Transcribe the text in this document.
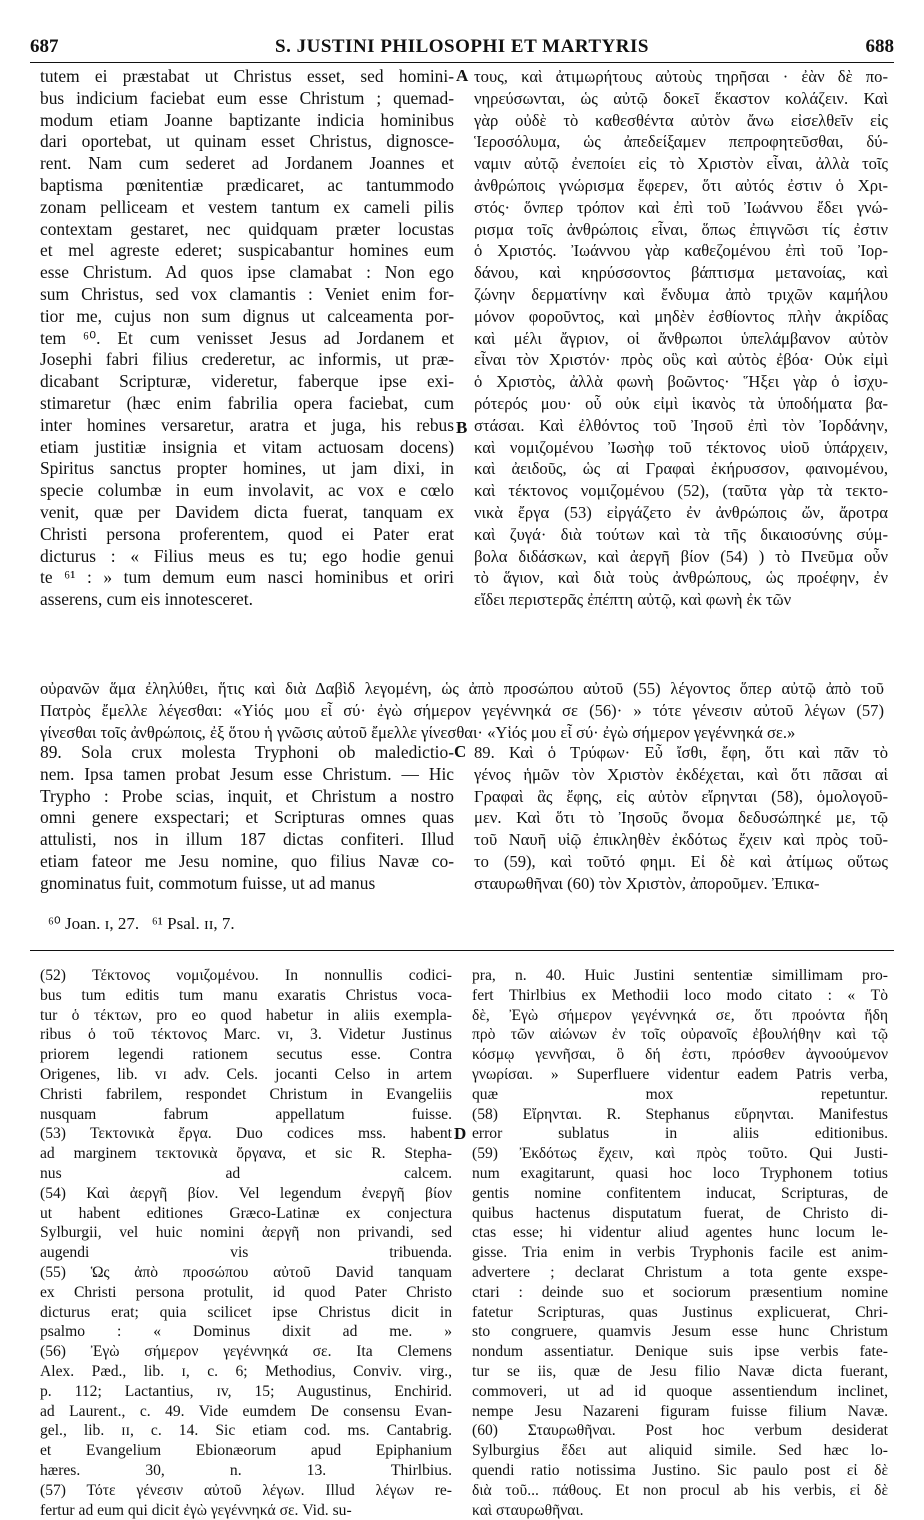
687	S. JUSTINI PHILOSOPHI ET MARTYRIS	688
tutem ei præstabat ut Christus esset, sed homini-
bus indicium faciebat eum esse Christum ; quemad-
modum etiam Joanne baptizante indicia hominibus
dari oportebat, ut quinam esset Christus, dignosce-
rent. Nam cum sederet ad Jordanem Joannes et
baptisma pœnitentiæ prædicaret, ac tantummodo
zonam pelliceam et vestem tantum ex cameli pilis
contextam gestaret, nec quidquam præter locustas
et mel agreste ederet; suspicabantur homines eum
esse Christum. Ad quos ipse clamabat : Non ego
sum Christus, sed vox clamantis : Veniet enim for-
tior me, cujus non sum dignus ut calceamenta por-
tem ⁶⁰. Et cum venisset Jesus ad Jordanem et
Josephi fabri filius crederetur, ac informis, ut præ-
dicabant Scripturæ, videretur, faberque ipse exi-
stimaretur (hæc enim fabrilia opera faciebat, cum
inter homines versaretur, aratra et juga, his rebus
etiam justitiæ insignia et vitam actuosam docens)
Spiritus sanctus propter homines, ut jam dixi, in
specie columbæ in eum involavit, ac vox e cœlo
venit, quæ per Davidem dicta fuerat, tanquam ex
Christi persona proferentem, quod ei Pater erat
dicturus : « Filius meus es tu; ego hodie genui
te ⁶¹ : » tum demum eum nasci hominibus et oriri
asserens, cum eis innotesceret.
τους, καὶ ἀτιμωρήτους αὐτοὺς τηρῆσαι · ἐὰν δὲ πο-
νηρεύσωνται, ὡς αὐτῷ δοκεῖ ἕκαστον κολάζειν. Καὶ
γὰρ οὐδὲ τὸ καθεσθέντα αὐτὸν ἄνω εἰσελθεῖν εἰς
Ἱεροσόλυμα, ὡς ἀπεδείξαμεν πεπροφητεῦσθαι, δύ-
ναμιν αὐτῷ ἐνεποίει εἰς τὸ Χριστὸν εἶναι, ἀλλὰ τοῖς
ἀνθρώποις γνώρισμα ἔφερεν, ὅτι αὐτός ἐστιν ὁ Χρι-
στός· ὅνπερ τρόπον καὶ ἐπὶ τοῦ Ἰωάννου ἔδει γνώ-
ρισμα τοῖς ἀνθρώποις εἶναι, ὅπως ἐπιγνῶσι τίς ἐστιν
ὁ Χριστός. Ἰωάννου γὰρ καθεζομένου ἐπὶ τοῦ Ἰορ-
δάνου, καὶ κηρύσσοντος βάπτισμα μετανοίας, καὶ
ζώνην δερματίνην καὶ ἔνδυμα ἀπὸ τριχῶν καμήλου
μόνον φοροῦντος, καὶ μηδὲν ἐσθίοντος πλὴν ἀκρίδας
καὶ μέλι ἄγριον, οἱ ἄνθρωποι ὑπελάμβανον αὐτὸν
εἶναι τὸν Χριστόν· πρὸς οὓς καὶ αὐτὸς ἐβόα· Οὐκ εἰμὶ
ὁ Χριστὸς, ἀλλὰ φωνὴ βοῶντος· Ἥξει γὰρ ὁ ἰσχυ-
ρότερός μου· οὗ οὐκ εἰμὶ ἱκανὸς τὰ ὑποδήματα βα-
στάσαι. Καὶ ἐλθόντος τοῦ Ἰησοῦ ἐπὶ τὸν Ἰορδάνην,
καὶ νομιζομένου Ἰωσὴφ τοῦ τέκτονος υἱοῦ ὑπάρχειν,
καὶ ἀειδοῦς, ὡς αἱ Γραφαὶ ἐκήρυσσον, φαινομένου,
καὶ τέκτονος νομιζομένου (52), (ταῦτα γὰρ τὰ τεκτο-
νικὰ ἔργα (53) εἰργάζετο ἐν ἀνθρώποις ὤν, ἄροτρα
καὶ ζυγά· διὰ τούτων καὶ τὰ τῆς δικαιοσύνης σύμ-
βολα διδάσκων, καὶ ἀεργῆ βίον (54) ) τὸ Πνεῦμα οὖν
τὸ ἅγιον, καὶ διὰ τοὺς ἀνθρώπους, ὡς προέφην, ἐν
εἴδει περιστερᾶς ἐπέπτη αὐτῷ, καὶ φωνὴ ἐκ τῶν
οὐρανῶν ἅμα ἐληλύθει, ἥτις καὶ διὰ Δαβὶδ λεγομένη, ὡς ἀπὸ προσώπου αὐτοῦ (55) λέγοντος ὅπερ αὐτῷ ἀπὸ τοῦ
Πατρὸς ἔμελλε λέγεσθαι: «Υἱός μου εἶ σύ· ἐγὼ σήμερον γεγέννηκά σε (56)· » τότε γένεσιν αὐτοῦ λέγων (57)
γίνεσθαι τοῖς ἀνθρώποις, ἐξ ὅτου ἡ γνῶσις αὐτοῦ ἔμελλε γίνεσθαι· «Υἱός μου εἶ σύ· ἐγὼ σήμερον γεγέννηκά σε.»
89. Sola crux molesta Tryphoni ob maledictio-
nem. Ipsa tamen probat Jesum esse Christum. — Hic
Trypho : Probe scias, inquit, et Christum a nostro
omni genere exspectari; et Scripturas omnes quas
attulisti, nos in illum 187 dictas confiteri. Illud
etiam fateor me Jesu nomine, quo filius Navæ co-
gnominatus fuit, commotum fuisse, ut ad manus
89. Καὶ ὁ Τρύφων· Εὖ ἴσθι, ἔφη, ὅτι καὶ πᾶν τὸ
γένος ἡμῶν τὸν Χριστὸν ἐκδέχεται, καὶ ὅτι πᾶσαι αἱ
Γραφαὶ ἃς ἔφης, εἰς αὐτὸν εἴρηνται (58), ὁμολογοῦ-
μεν. Καὶ ὅτι τὸ Ἰησοῦς ὄνομα δεδυσώπηκέ με, τῷ
τοῦ Ναυῆ υἱῷ ἐπικληθὲν ἐκδότως ἔχειν καὶ πρὸς τοῦ-
το (59), καὶ τοῦτό φημι. Εἰ δὲ καὶ ἀτίμως οὕτως
σταυρωθῆναι (60) τὸν Χριστὸν, ἀποροῦμεν. Ἐπικα-
A
B
C
D
⁶⁰ Joan. ɪ, 27.   ⁶¹ Psal. ɪɪ, 7.
(52) Τέκτονος νομιζομένου. In nonnullis codici-
bus tum editis tum manu exaratis Christus voca-
tur ὁ τέκτων, pro eo quod habetur in aliis exempla-
ribus ὁ τοῦ τέκτονος Marc. vɪ, 3. Videtur Justinus
priorem legendi rationem secutus esse. Contra
Origenes, lib. vɪ adv. Cels. jocanti Celso in artem
Christi fabrilem, respondet Christum in Evangeliis
nusquam fabrum appellatum fuisse.
(53) Τεκτονικὰ ἔργα. Duo codices mss. habent
ad marginem τεκτονικὰ ὄργανα, et sic R. Stepha-
nus ad calcem.
(54) Καὶ ἀεργῆ βίον. Vel legendum ἐνεργῆ βίον
ut habent editiones Græco-Latinæ ex conjectura
Sylburgii, vel huic nomini ἀεργῆ non privandi, sed
augendi vis tribuenda.
(55) Ὡς ἀπὸ προσώπου αὐτοῦ David tanquam
ex Christi persona protulit, id quod Pater Christo
dicturus erat; quia scilicet ipse Christus dicit in
psalmo : « Dominus dixit ad me. »
(56) Ἐγὼ σήμερον γεγέννηκά σε. Ita Clemens
Alex. Pæd., lib. ɪ, c. 6; Methodius, Conviv. virg.,
p. 112; Lactantius, ɪv, 15; Augustinus, Enchirid.
ad Laurent., c. 49. Vide eumdem De consensu Evan-
gel., lib. ɪɪ, c. 14. Sic etiam cod. ms. Cantabrig.
et Evangelium Ebionæorum apud Epiphanium
hæres. 30, n. 13. Thirlbius.
(57) Τότε γένεσιν αὐτοῦ λέγων. Illud λέγων re-
fertur ad eum qui dicit ἐγὼ γεγέννηκά σε. Vid. su-
pra, n. 40. Huic Justini sententiæ simillimam pro-
fert Thirlbius ex Methodii loco modo citato : « Τὸ
δὲ, Ἐγὼ σήμερον γεγέννηκά σε, ὅτι προόντα ἤδη
πρὸ τῶν αἰώνων ἐν τοῖς οὐρανοῖς ἐβουλήθην καὶ τῷ
κόσμῳ γεννῆσαι, ὃ δή ἐστι, πρόσθεν ἀγνοούμενον
γνωρίσαι. » Superfluere videntur eadem Patris verba,
quæ mox repetuntur.
(58) Εἴρηνται. R. Stephanus εὕρηνται. Manifestus
error sublatus in aliis editionibus.
(59) Ἐκδότως ἔχειν, καὶ πρὸς τοῦτο. Qui Justi-
num exagitarunt, quasi hoc loco Tryphonem totius
gentis nomine confitentem inducat, Scripturas, de
quibus hactenus disputatum fuerat, de Christo di-
ctas esse; hi videntur aliud agentes hunc locum le-
gisse. Tria enim in verbis Tryphonis facile est anim-
advertere ; declarat Christum a tota gente exspe-
ctari : deinde suo et sociorum præsentium nomine
fatetur Scripturas, quas Justinus explicuerat, Chri-
sto congruere, quamvis Jesum esse hunc Christum
nondum assentiatur. Denique suis ipse verbis fate-
tur se iis, quæ de Jesu filio Navæ dicta fuerant,
commoveri, ut ad id quoque assentiendum inclinet,
nempe Jesu Nazareni figuram fuisse filium Navæ.
(60) Σταυρωθῆναι. Post hoc verbum desiderat
Sylburgius ἔδει aut aliquid simile. Sed hæc lo-
quendi ratio notissima Justino. Sic paulo post εἰ δὲ
διὰ τοῦ... πάθους. Et non procul ab his verbis, εἰ δὲ
καὶ σταυρωθῆναι.
